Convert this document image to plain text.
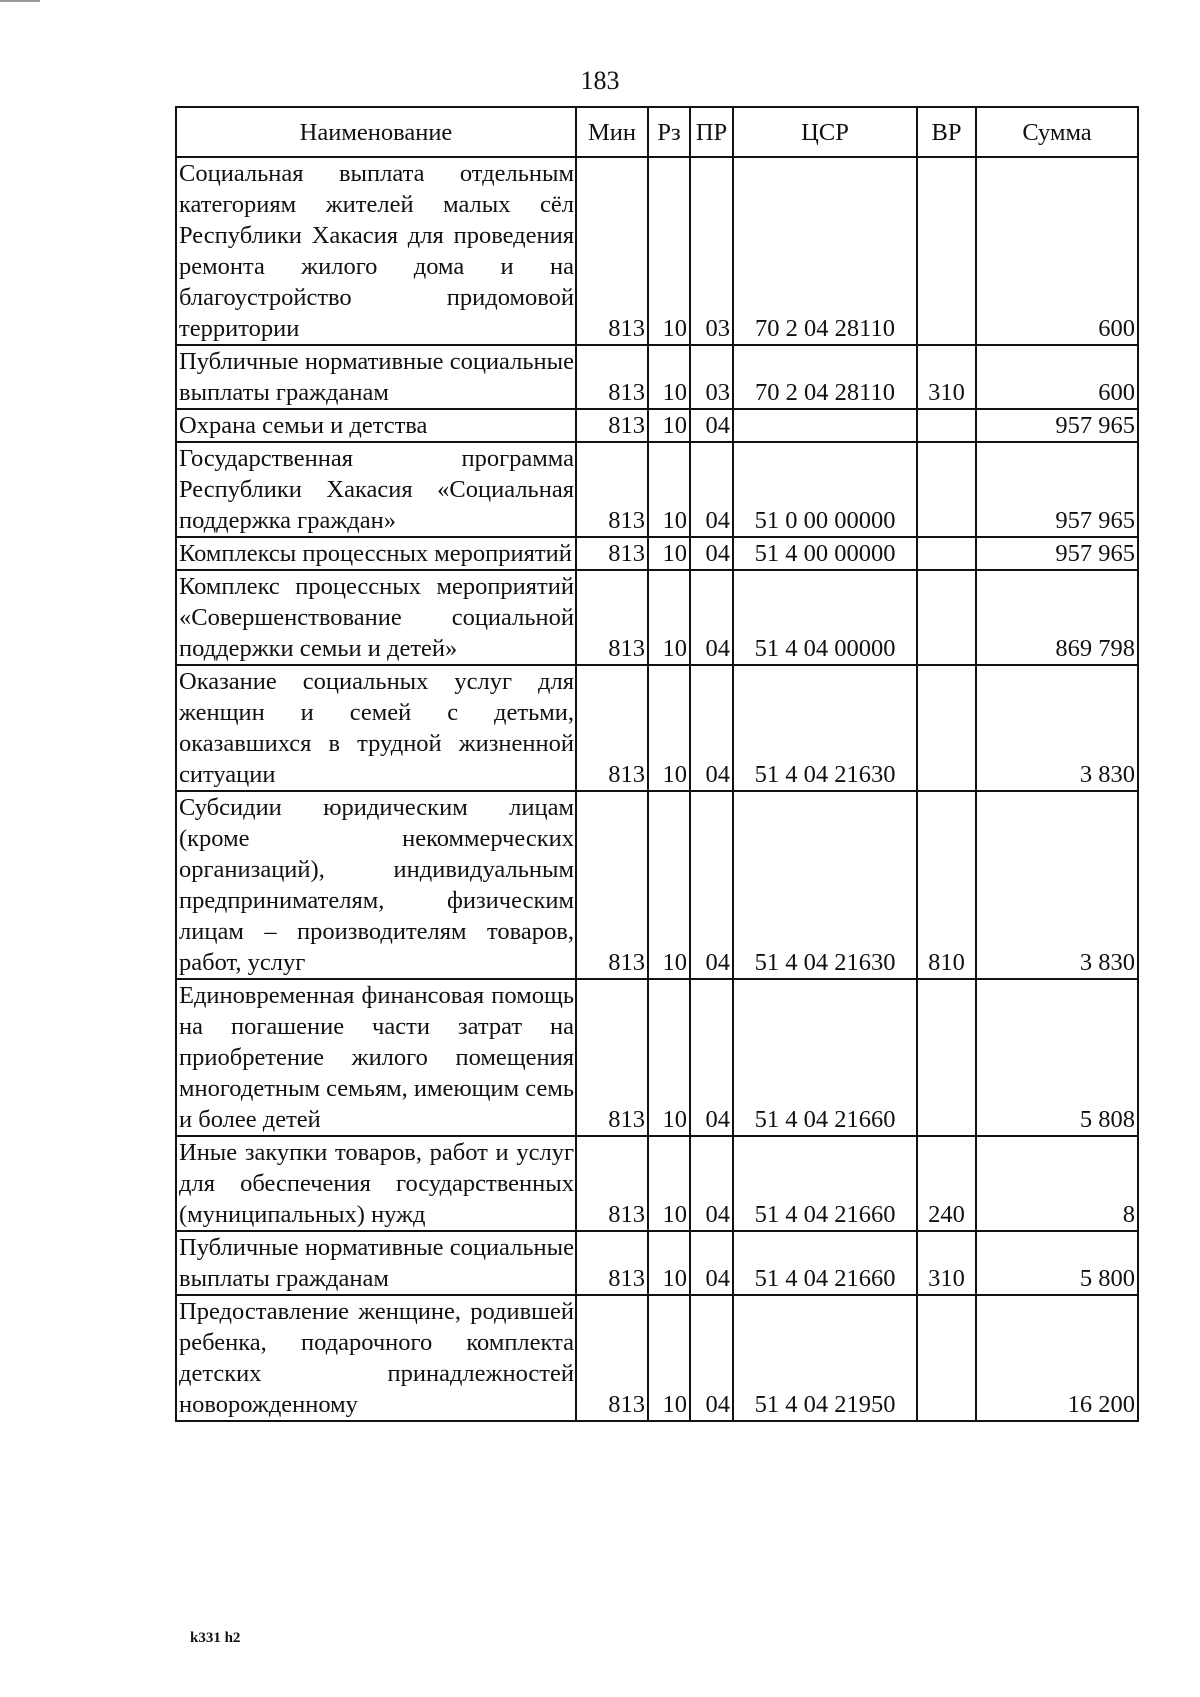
183
Наименование	Мин	Рз	ПР	ЦСР	ВР	Сумма
Социальная выплата отдельным категориям жителей малых сёл Республики Хакасия для проведения ремонта жилого дома и на благоустройство придомовой территории	813	10	03	70 2 04 28110		600
Публичные нормативные социальные выплаты гражданам	813	10	03	70 2 04 28110	310	600
Охрана семьи и детства	813	10	04			957 965
Государственная программа Республики Хакасия «Социальная поддержка граждан»	813	10	04	51 0 00 00000		957 965
Комплексы процессных мероприятий	813	10	04	51 4 00 00000		957 965
Комплекс процессных мероприятий «Совершенствование социальной поддержки семьи и детей»	813	10	04	51 4 04 00000		869 798
Оказание социальных услуг для женщин и семей с детьми, оказавшихся в трудной жизненной ситуации	813	10	04	51 4 04 21630		3 830
Субсидии юридическим лицам (кроме некоммерческих организаций), индивидуальным предпринимателям, физическим лицам – производителям товаров, работ, услуг	813	10	04	51 4 04 21630	810	3 830
Единовременная финансовая помощь на погашение части затрат на приобретение жилого помещения многодетным семьям, имеющим семь и более детей	813	10	04	51 4 04 21660		5 808
Иные закупки товаров, работ и услуг для обеспечения государственных (муниципальных) нужд	813	10	04	51 4 04 21660	240	8
Публичные нормативные социальные выплаты гражданам	813	10	04	51 4 04 21660	310	5 800
Предоставление женщине, родившей ребенка, подарочного комплекта детских принадлежностей новорожденному	813	10	04	51 4 04 21950		16 200
k331 h2
